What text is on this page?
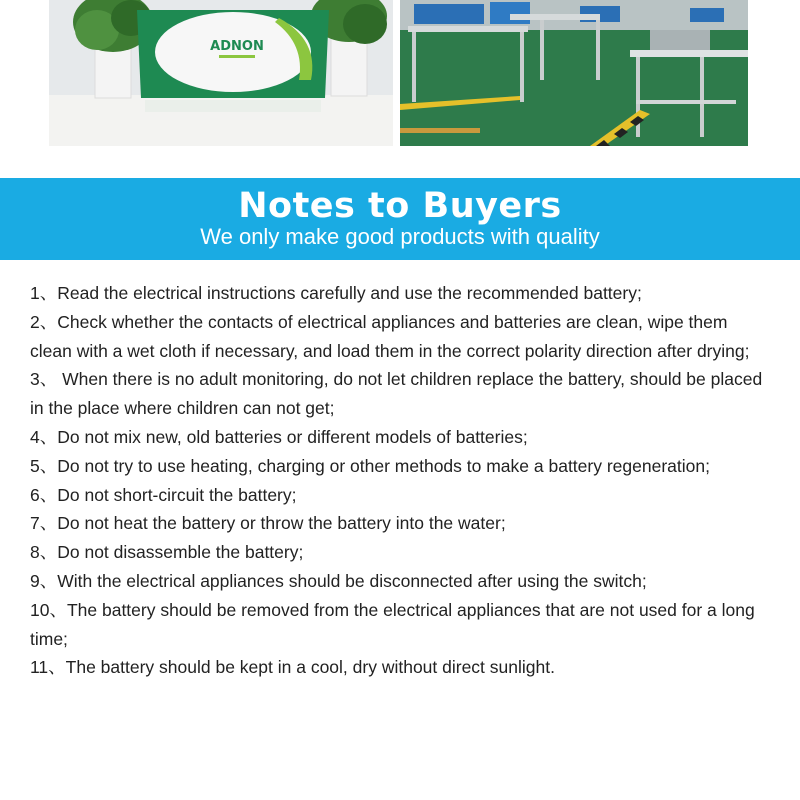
ADNON
Notes to Buyers
We only make good products with quality
1、Read the electrical instructions carefully and use the recommended battery;
2、Check whether the contacts of electrical appliances and batteries are clean, wipe them clean with a wet cloth if necessary, and load them in the correct polarity direction after drying;
3、 When there is no adult monitoring, do not let children replace the battery, should be placed in the place where children can not get;
4、Do not mix new, old batteries or different models of batteries;
5、Do not try to use heating, charging or other methods to make a battery regeneration;
6、Do not short-circuit the battery;
7、Do not heat the battery or throw the battery into the water;
8、Do not disassemble the battery;
9、With the electrical appliances should be disconnected after using the switch;
10、The battery should be removed from the electrical appliances that are not used for a long time;
11、The battery should be kept in a cool, dry without direct sunlight.
